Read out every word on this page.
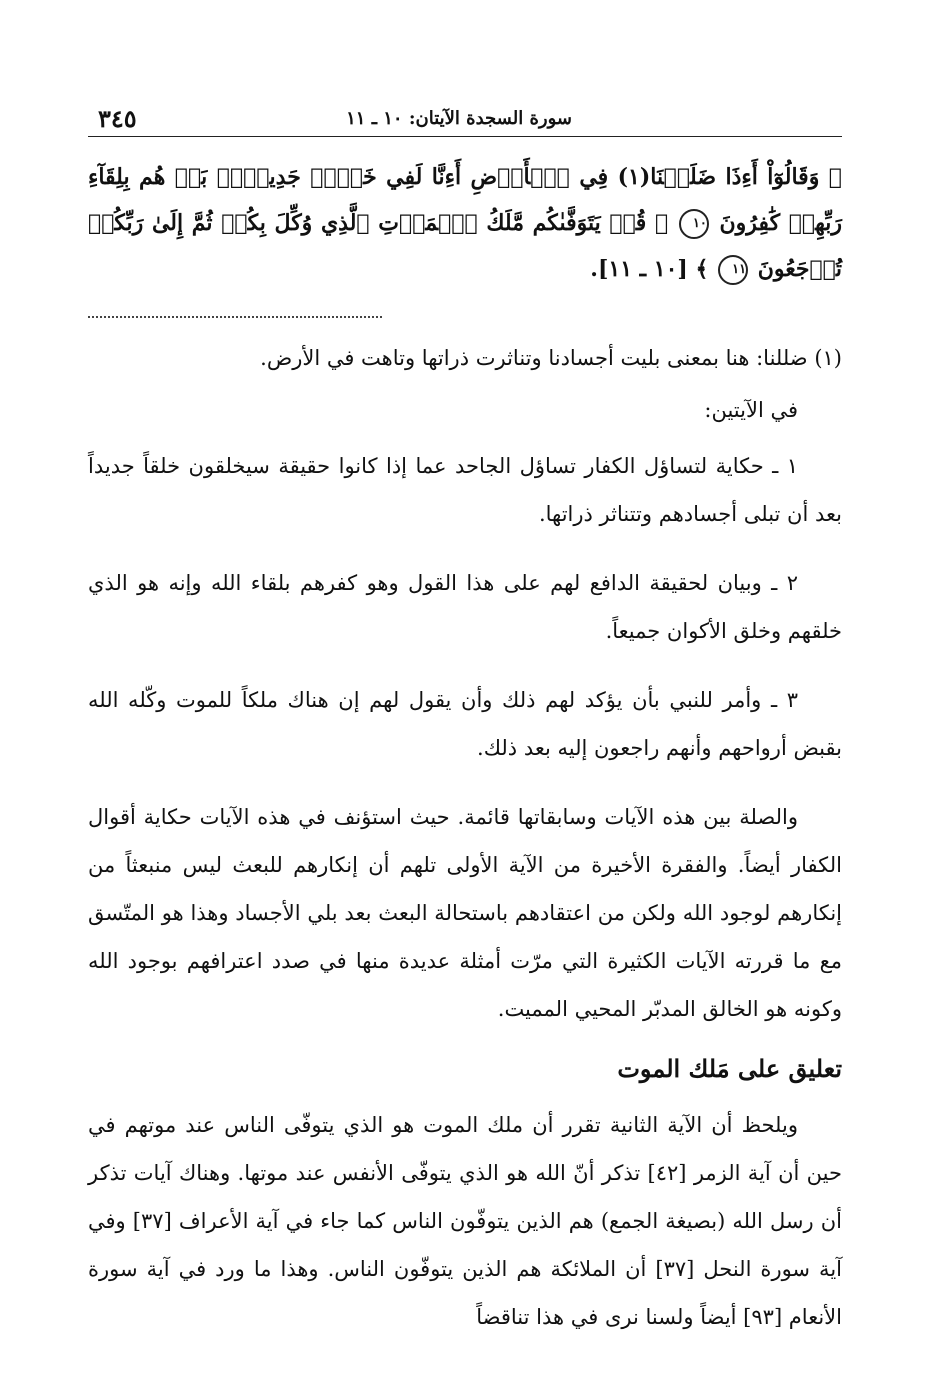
٣٤٥	سورة السجدة الآيتان: ١٠ ـ ١١
﴿ وَقَالُوٓاْ أَءِذَا ضَلَلۡنَا(١) فِي ٱلۡأَرۡضِ أَءِنَّا لَفِي خَلۡقٖ جَدِيدِۢۚ بَلۡ هُم بِلِقَآءِ رَبِّهِمۡ كَٰفِرُونَ ١٠ ۞ قُلۡ يَتَوَفَّىٰكُم مَّلَكُ ٱلۡمَوۡتِ ٱلَّذِي وُكِّلَ بِكُمۡ ثُمَّ إِلَىٰ رَبِّكُمۡ تُرۡجَعُونَ ١١ ﴾ [١٠ ـ ١١].
(١) ضللنا: هنا بمعنى بليت أجسادنا وتناثرت ذراتها وتاهت في الأرض.

في الآيتين:

١ ـ حكاية لتساؤل الكفار تساؤل الجاحد عما إذا كانوا حقيقة سيخلقون خلقاً جديداً بعد أن تبلى أجسادهم وتتناثر ذراتها.

٢ ـ وبيان لحقيقة الدافع لهم على هذا القول وهو كفرهم بلقاء الله وإنه هو الذي خلقهم وخلق الأكوان جميعاً.

٣ ـ وأمر للنبي بأن يؤكد لهم ذلك وأن يقول لهم إن هناك ملكاً للموت وكّله الله بقبض أرواحهم وأنهم راجعون إليه بعد ذلك.

والصلة بين هذه الآيات وسابقاتها قائمة. حيث استؤنف في هذه الآيات حكاية أقوال الكفار أيضاً. والفقرة الأخيرة من الآية الأولى تلهم أن إنكارهم للبعث ليس منبعثاً من إنكارهم لوجود الله ولكن من اعتقادهم باستحالة البعث بعد بلي الأجساد وهذا هو المتّسق مع ما قررته الآيات الكثيرة التي مرّت أمثلة عديدة منها في صدد اعترافهم بوجود الله وكونه هو الخالق المدبّر المحيي المميت.

تعليق على مَلك الموت

ويلحظ أن الآية الثانية تقرر أن ملك الموت هو الذي يتوفّى الناس عند موتهم في حين أن آية الزمر [٤٢] تذكر أنّ الله هو الذي يتوفّى الأنفس عند موتها. وهناك آيات تذكر أن رسل الله (بصيغة الجمع) هم الذين يتوفّون الناس كما جاء في آية الأعراف [٣٧] وفي آية سورة النحل [٣٧] أن الملائكة هم الذين يتوفّون الناس. وهذا ما ورد في آية سورة الأنعام [٩٣] أيضاً ولسنا نرى في هذا تناقضاً
